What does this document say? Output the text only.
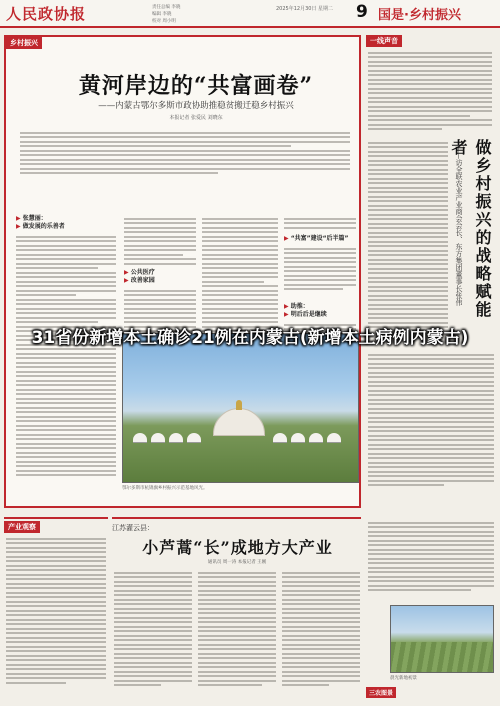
人民政协报	责任总编 李晓
编辑 李晓
校对 周小明
2025年12月30日 星期二 9 国是·乡村振兴
乡村振兴
黄河岸边的“共富画卷”
——内蒙古鄂尔多斯市政协助推稳贫搬迁稳乡村振兴
本报记者 张爱民 刘晓东
▶ 张慧丽：
▶ 做发展的乐善者
▶ 公共医疗
▶ 改善家园
▶ “共富”建设“后半篇”
▶ 助推：
▶ 明后后是继续
鄂尔多斯市杭锦旗乡村振兴示范基地风光。
一线声音
做乡村振兴的战略赋能者
——访全联农业产业商会会长、东方集团董事长张伟
产业观察	江苏灌云县：
小芦蒿“长”成地方大产业
通讯员 周一涛 本报记者 王刚
晨光新地初景
三农图景
31省份新增本土确诊21例在内蒙古(新增本土病例内蒙古)
